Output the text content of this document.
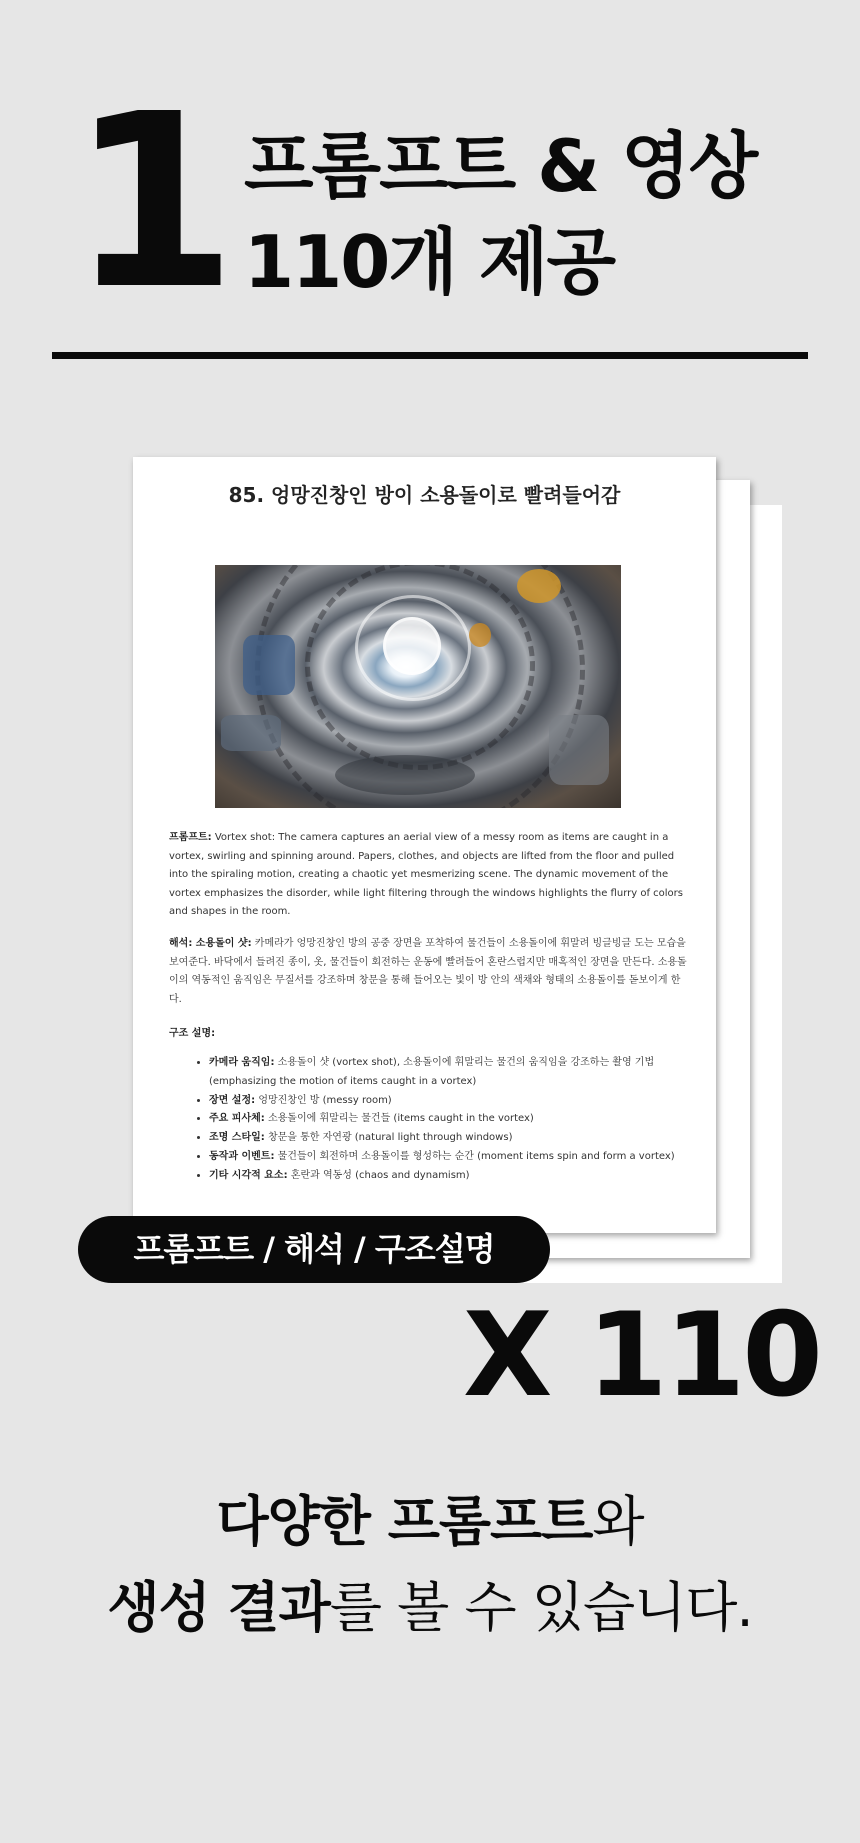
1 프롬프트 & 영상
110개 제공
85. 엉망진창인 방이 소용돌이로 빨려들어감
프롬프트: Vortex shot: The camera captures an aerial view of a messy room as items are caught in a vortex, swirling and spinning around. Papers, clothes, and objects are lifted from the floor and pulled into the spiraling motion, creating a chaotic yet mesmerizing scene. The dynamic movement of the vortex emphasizes the disorder, while light filtering through the windows highlights the flurry of colors and shapes in the room.
해석: 소용돌이 샷: 카메라가 엉망진창인 방의 공중 장면을 포착하여 물건들이 소용돌이에 휘말려 빙글빙글 도는 모습을 보여준다. 바닥에서 들려진 종이, 옷, 물건들이 회전하는 운동에 빨려들어 혼란스럽지만 매혹적인 장면을 만든다. 소용돌이의 역동적인 움직임은 무질서를 강조하며 창문을 통해 들어오는 빛이 방 안의 색채와 형태의 소용돌이를 돋보이게 한다.
구조 설명:
• 카메라 움직임: 소용돌이 샷 (vortex shot), 소용돌이에 휘말리는 물건의 움직임을 강조하는 촬영 기법 (emphasizing the motion of items caught in a vortex)
• 장면 설정: 엉망진창인 방 (messy room)
• 주요 피사체: 소용돌이에 휘말리는 물건들 (items caught in the vortex)
• 조명 스타일: 창문을 통한 자연광 (natural light through windows)
• 동작과 이벤트: 물건들이 회전하며 소용돌이를 형성하는 순간 (moment items spin and form a vortex)
• 기타 시각적 요소: 혼란과 역동성 (chaos and dynamism)
프롬프트 / 해석 / 구조설명
X 110
다양한 프롬프트와
생성 결과를 볼 수 있습니다.
